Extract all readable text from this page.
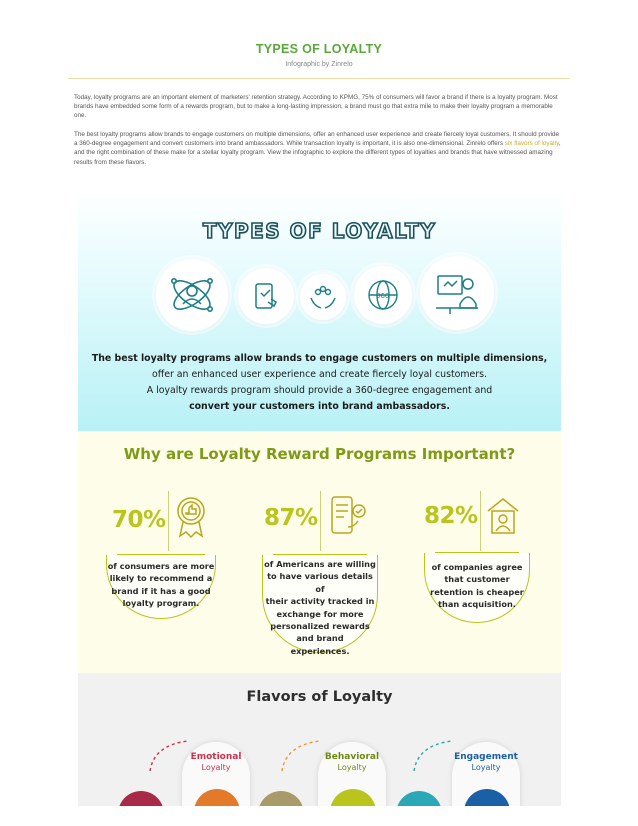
TYPES OF LOYALTY
Infographic by Zinrelo

Today, loyalty programs are an important element of marketers' retention strategy. According to KPMG, 75% of consumers will favor a brand if there is a loyalty program. Most brands have embedded some form of a rewards program, but to make a long-lasting impression, a brand must go that extra mile to make their loyalty program a memorable one.

The best loyalty programs allow brands to engage customers on multiple dimensions, offer an enhanced user experience and create fiercely loyal customers. It should provide a 360-degree engagement and convert customers into brand ambassadors. While transaction loyalty is important, it is also one-dimensional. Zinrelo offers six flavors of loyalty, and the right combination of these make for a stellar loyalty program. View the infographic to explore the different types of loyalties and brands that have witnessed amazing results from these flavors.

TYPES OF LOYALTY
360
The best loyalty programs allow brands to engage customers on multiple dimensions,
offer an enhanced user experience and create fiercely loyal customers.
A loyalty rewards program should provide a 360-degree engagement and
convert your customers into brand ambassadors.
Why are Loyalty Reward Programs Important?
70%
of consumers are more
likely to recommend a
brand if it has a good
loyalty program.
87%
of Americans are willing
to have various details of
their activity tracked in
exchange for more
personalized rewards
and brand
experiences.
82%
of companies agree
that customer
retention is cheaper
than acquisition.
Flavors of Loyalty
Emotional
Loyalty
Behavioral
Loyalty
Engagement
Loyalty
